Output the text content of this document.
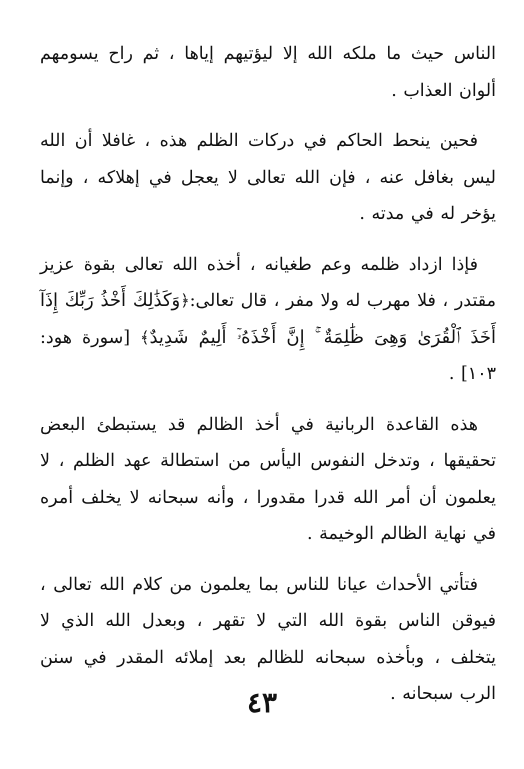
الناس حيث ما ملكه الله إلا ليؤتيهم إياها ، ثم راح يسومهم ألوان العذاب .

فحين ينحط الحاكم في دركات الظلم هذه ، غافلا أن الله ليس بغافل عنه ، فإن الله تعالى لا يعجل في إهلاكه ، وإنما يؤخر له في مدته .

فإذا ازداد ظلمه وعم طغيانه ، أخذه الله تعالى بقوة عزيز مقتدر ، فلا مهرب له ولا مفر ، قال تعالى:﴿وَكَذَٰلِكَ أَخْذُ رَبِّكَ إِذَآ أَخَذَ ٱلْقُرَىٰ وَهِىَ ظَٰلِمَةٌ ۚ إِنَّ أَخْذَهُۥٓ أَلِيمٌ شَدِيدٌ﴾ [سورة هود: ١٠٣] .

هذه القاعدة الربانية في أخذ الظالم قد يستبطئ البعض تحقيقها ، وتدخل النفوس اليأس من استطالة عهد الظلم ، لا يعلمون أن أمر الله قدرا مقدورا ، وأنه سبحانه لا يخلف أمره في نهاية الظالم الوخيمة .

فتأتي الأحداث عيانا للناس بما يعلمون من كلام الله تعالى ، فيوقن الناس بقوة الله التي لا تقهر ، وبعدل الله الذي لا يتخلف ، وبأخذه سبحانه للظالم بعد إملائه المقدر في سنن الرب سبحانه .

٤٣
